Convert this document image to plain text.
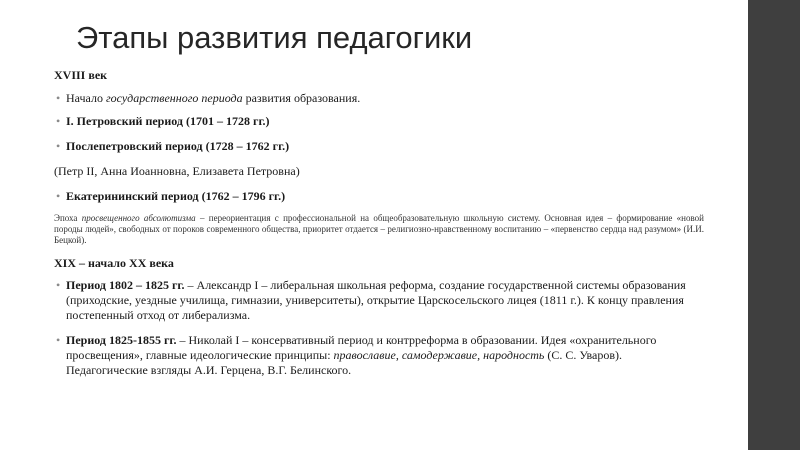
Этапы развития педагогики

XVIII век

• Начало государственного периода развития образования.

• I. Петровский период (1701 – 1728 гг.)

• Послепетровский период (1728 – 1762 гг.)

(Петр II, Анна Иоанновна, Елизавета Петровна)

• Екатерининский период (1762 – 1796 гг.)

Эпоха просвещенного абсолютизма – переориентация с профессиональной на общеобразовательную школьную систему. Основная идея – формирование «новой породы людей», свободных от пороков современного общества, приоритет отдается – религиозно-нравственному воспитанию – «первенство сердца над разумом» (И.И. Бецкой).

XIX – начало XX века

• Период 1802 – 1825 гг. – Александр I – либеральная школьная реформа, создание государственной системы образования (приходские, уездные училища, гимназии, университеты), открытие Царскосельского лицея (1811 г.). К концу правления постепенный отход от либерализма.

• Период 1825-1855 гг. – Николай I – консервативный период и контрреформа в образовании. Идея «охранительного просвещения», главные идеологические принципы: православие, самодержавие, народность (С. С. Уваров). Педагогические взгляды А.И. Герцена, В.Г. Белинского.
